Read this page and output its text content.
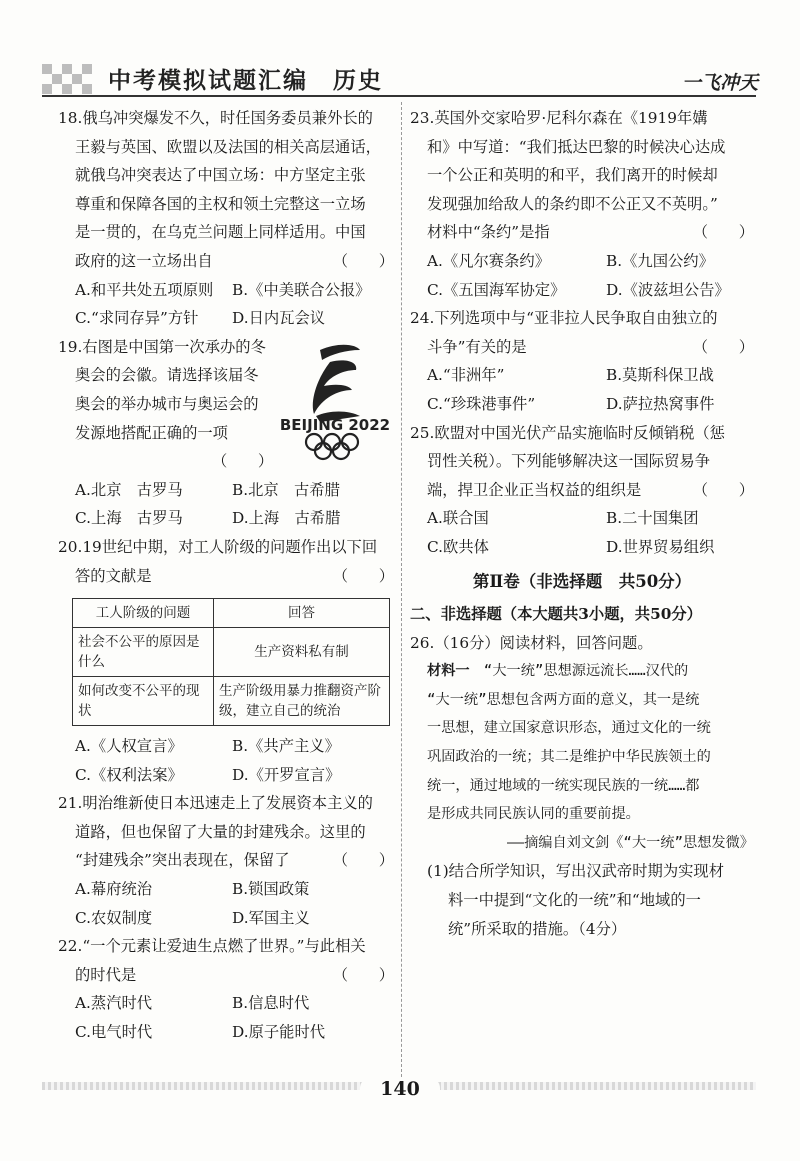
中考模拟试题汇编　历史	一飞冲天
18.俄乌冲突爆发不久，时任国务委员兼外长的
王毅与英国、欧盟以及法国的相关高层通话，
就俄乌冲突表达了中国立场：中方坚定主张
尊重和保障各国的主权和领土完整这一立场
是一贯的，在乌克兰问题上同样适用。中国
政府的这一立场出自	（　　）
A.和平共处五项原则	B.《中美联合公报》
C.“求同存异”方针	D.日内瓦会议
19.右图是中国第一次承办的冬
奥会的会徽。请选择该届冬
奥会的举办城市与奥运会的
发源地搭配正确的一项
（　　）
A.北京　古罗马	B.北京　古希腊
C.上海　古罗马	D.上海　古希腊
20.19世纪中期，对工人阶级的问题作出以下回
答的文献是	（　　）
工人阶级的问题	回答
社会不公平的原因是什么	生产资料私有制
如何改变不公平的现状	生产阶级用暴力推翻资产阶级，建立自己的统治
A.《人权宣言》	B.《共产主义》
C.《权利法案》	D.《开罗宣言》
21.明治维新使日本迅速走上了发展资本主义的
道路，但也保留了大量的封建残余。这里的
“封建残余”突出表现在，保留了	（　　）
A.幕府统治	B.锁国政策
C.农奴制度	D.军国主义
22.“一个元素让爱迪生点燃了世界。”与此相关
的时代是	（　　）
A.蒸汽时代	B.信息时代
C.电气时代	D.原子能时代
BEIJING 2022
23.英国外交家哈罗·尼科尔森在《1919年媾
和》中写道：“我们抵达巴黎的时候决心达成
一个公正和英明的和平，我们离开的时候却
发现强加给敌人的条约即不公正又不英明。”
材料中“条约”是指	（　　）
A.《凡尔赛条约》	B.《九国公约》
C.《五国海军协定》	D.《波兹坦公告》
24.下列选项中与“亚非拉人民争取自由独立的
斗争”有关的是	（　　）
A.“非洲年”	B.莫斯科保卫战
C.“珍珠港事件”	D.萨拉热窝事件
25.欧盟对中国光伏产品实施临时反倾销税（惩
罚性关税）。下列能够解决这一国际贸易争
端，捍卫企业正当权益的组织是	（　　）
A.联合国	B.二十国集团
C.欧共体	D.世界贸易组织
第Ⅱ卷（非选择题　共50分）
二、非选择题（本大题共3小题，共50分）
26.（16分）阅读材料，回答问题。
材料一　 “大一统”思想源远流长……汉代的
“大一统”思想包含两方面的意义，其一是统
一思想，建立国家意识形态，通过文化的一统
巩固政治的一统；其二是维护中华民族领土的
统一，通过地域的一统实现民族的一统……都
是形成共同民族认同的重要前提。
——摘编自刘文剑《“大一统”思想发微》
(1)结合所学知识，写出汉武帝时期为实现材
料一中提到“文化的一统”和“地域的一
统”所采取的措施。（4分）
140
